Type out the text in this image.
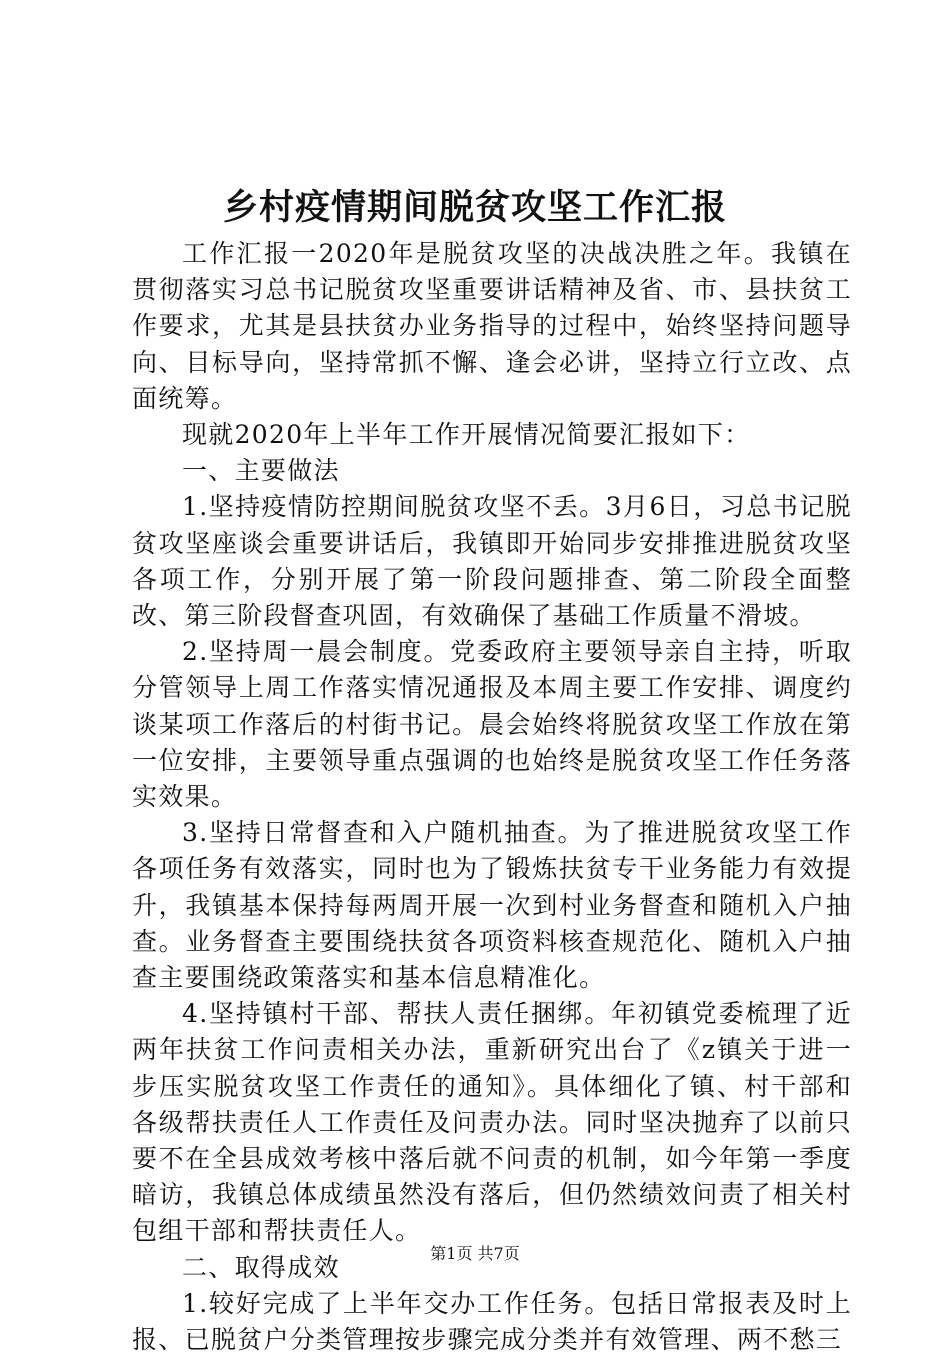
乡村疫情期间脱贫攻坚工作汇报

工作汇报一2020年是脱贫攻坚的决战决胜之年。我镇在贯彻落实习总书记脱贫攻坚重要讲话精神及省、市、县扶贫工作要求，尤其是县扶贫办业务指导的过程中，始终坚持问题导向、目标导向，坚持常抓不懈、逢会必讲，坚持立行立改、点面统筹。

现就2020年上半年工作开展情况简要汇报如下：

一、主要做法

1.坚持疫情防控期间脱贫攻坚不丢。3月6日，习总书记脱贫攻坚座谈会重要讲话后，我镇即开始同步安排推进脱贫攻坚各项工作，分别开展了第一阶段问题排查、第二阶段全面整改、第三阶段督查巩固，有效确保了基础工作质量不滑坡。

2.坚持周一晨会制度。党委政府主要领导亲自主持，听取分管领导上周工作落实情况通报及本周主要工作安排、调度约谈某项工作落后的村街书记。晨会始终将脱贫攻坚工作放在第一位安排，主要领导重点强调的也始终是脱贫攻坚工作任务落实效果。

3.坚持日常督查和入户随机抽查。为了推进脱贫攻坚工作各项任务有效落实，同时也为了锻炼扶贫专干业务能力有效提升，我镇基本保持每两周开展一次到村业务督查和随机入户抽查。业务督查主要围绕扶贫各项资料核查规范化、随机入户抽查主要围绕政策落实和基本信息精准化。

4.坚持镇村干部、帮扶人责任捆绑。年初镇党委梳理了近两年扶贫工作问责相关办法，重新研究出台了《z镇关于进一步压实脱贫攻坚工作责任的通知》。具体细化了镇、村干部和各级帮扶责任人工作责任及问责办法。同时坚决抛弃了以前只要不在全县成效考核中落后就不问责的机制，如今年第一季度暗访，我镇总体成绩虽然没有落后，但仍然绩效问责了相关村包组干部和帮扶责任人。

二、取得成效

1.较好完成了上半年交办工作任务。包括日常报表及时上报、已脱贫户分类管理按步骤完成分类并有效管理、两不愁三

第1页 共7页
